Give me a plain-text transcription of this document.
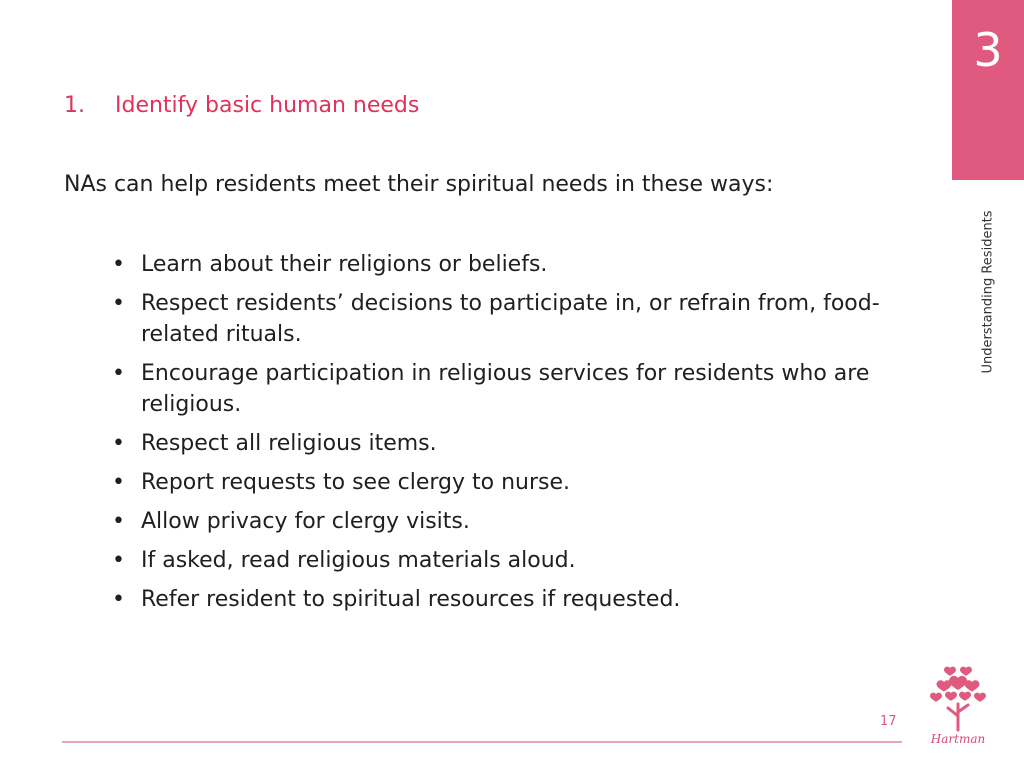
3
Understanding Residents
1. Identify basic human needs
NAs can help residents meet their spiritual needs in these ways:
• Learn about their religions or beliefs.
• Respect residents’ decisions to participate in, or refrain from, food-related rituals.
• Encourage participation in religious services for residents who are religious.
• Respect all religious items.
• Report requests to see clergy to nurse.
• Allow privacy for clergy visits.
• If asked, read religious materials aloud.
• Refer resident to spiritual resources if requested.
17
Hartman
